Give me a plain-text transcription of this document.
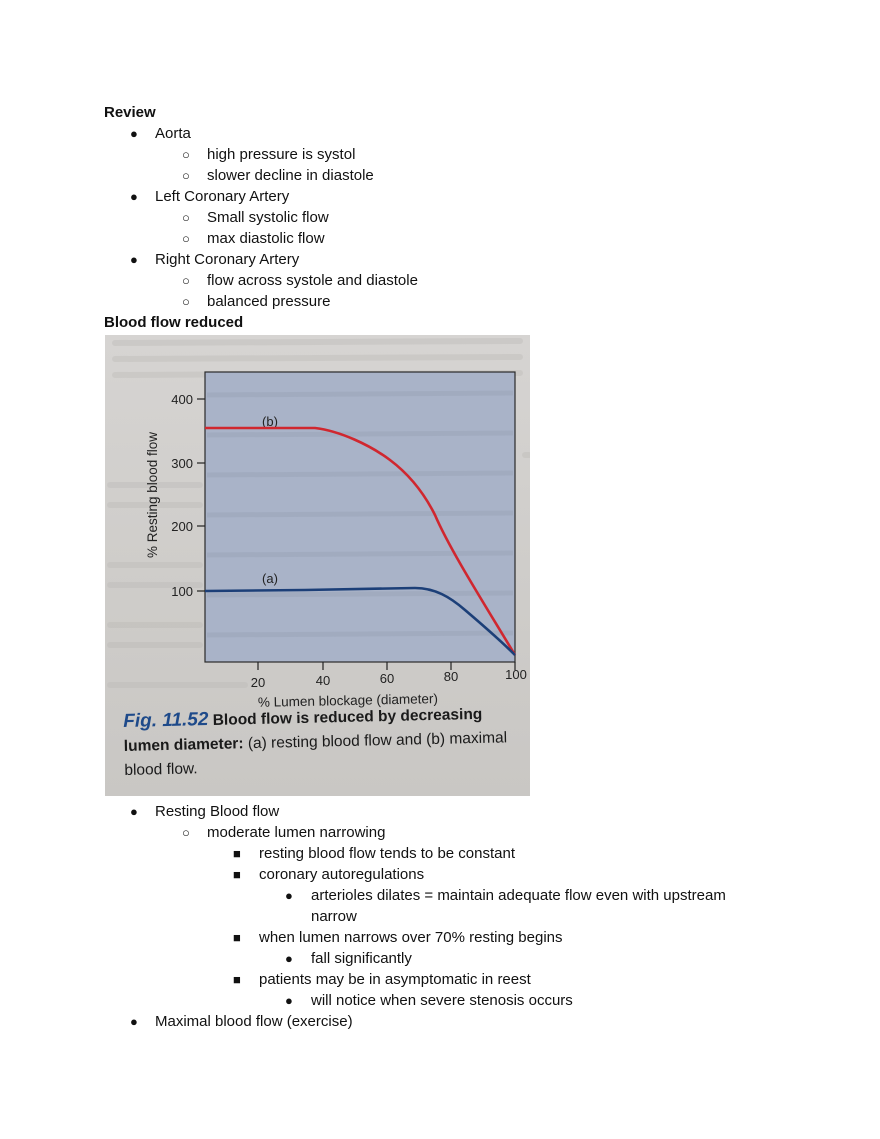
Review
● Aorta
○ high pressure is systol
○ slower decline in diastole
● Left Coronary Artery
○ Small systolic flow
○ max diastolic flow
● Right Coronary Artery
○ flow across systole and diastole
○ balanced pressure
Blood flow reduced
400
300
200
100
20	40	60	80	100
% Lumen blockage (diameter)
% Resting blood flow
(b)
(a)
Fig. 11.52 Blood flow is reduced by decreasing lumen diameter: (a) resting blood flow and (b) maximal blood flow.
● Resting Blood flow
○ moderate lumen narrowing
■ resting blood flow tends to be constant
■ coronary autoregulations
● arterioles dilates = maintain adequate flow even with upstream
narrow
■ when lumen narrows over 70% resting begins
● fall significantly
■ patients may be in asymptomatic in reest
● will notice when severe stenosis occurs
● Maximal blood flow (exercise)
